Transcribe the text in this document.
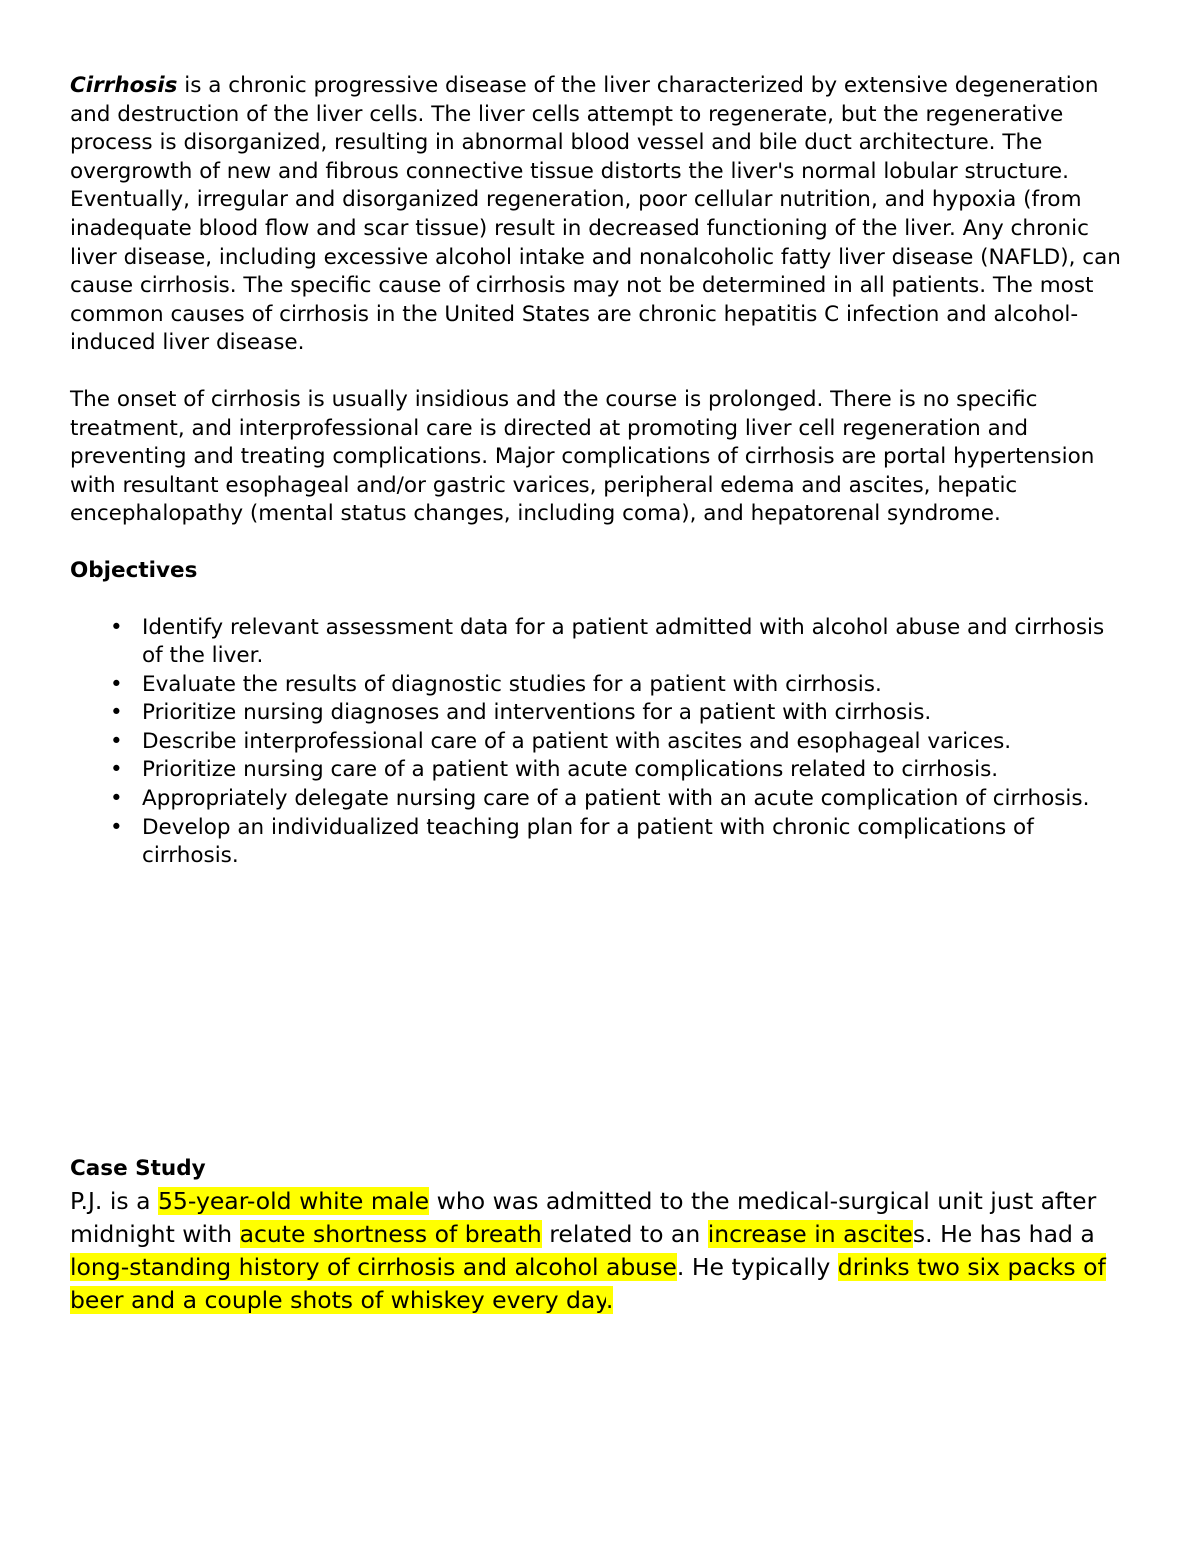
Cirrhosis is a chronic progressive disease of the liver characterized by extensive degeneration and destruction of the liver cells. The liver cells attempt to regenerate, but the regenerative process is disorganized, resulting in abnormal blood vessel and bile duct architecture. The overgrowth of new and fibrous connective tissue distorts the liver's normal lobular structure. Eventually, irregular and disorganized regeneration, poor cellular nutrition, and hypoxia (from inadequate blood flow and scar tissue) result in decreased functioning of the liver. Any chronic liver disease, including excessive alcohol intake and nonalcoholic fatty liver disease (NAFLD), can cause cirrhosis. The specific cause of cirrhosis may not be determined in all patients. The most common causes of cirrhosis in the United States are chronic hepatitis C infection and alcohol-induced liver disease.

The onset of cirrhosis is usually insidious and the course is prolonged. There is no specific treatment, and interprofessional care is directed at promoting liver cell regeneration and preventing and treating complications. Major complications of cirrhosis are portal hypertension with resultant esophageal and/or gastric varices, peripheral edema and ascites, hepatic encephalopathy (mental status changes, including coma), and hepatorenal syndrome.

Objectives
• Identify relevant assessment data for a patient admitted with alcohol abuse and cirrhosis of the liver.
• Evaluate the results of diagnostic studies for a patient with cirrhosis.
• Prioritize nursing diagnoses and interventions for a patient with cirrhosis.
• Describe interprofessional care of a patient with ascites and esophageal varices.
• Prioritize nursing care of a patient with acute complications related to cirrhosis.
• Appropriately delegate nursing care of a patient with an acute complication of cirrhosis.
• Develop an individualized teaching plan for a patient with chronic complications of cirrhosis.
Case Study
P.J. is a 55-year-old white male who was admitted to the medical-surgical unit just after midnight with acute shortness of breath related to an increase in ascites. He has had a long-standing history of cirrhosis and alcohol abuse. He typically drinks two six packs of beer and a couple shots of whiskey every day.
